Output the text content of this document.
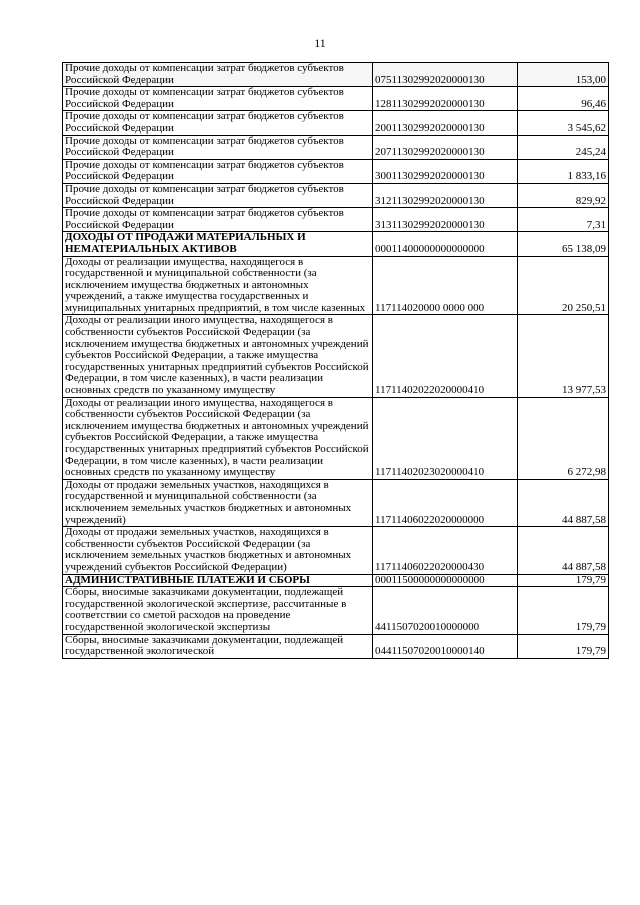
11
Прочие доходы от компенсации затрат бюджетов субъектов Российской Федерации	07511302992020000130	153,00
Прочие доходы от компенсации затрат бюджетов субъектов Российской Федерации	12811302992020000130	96,46
Прочие доходы от компенсации затрат бюджетов субъектов Российской Федерации	20011302992020000130	3 545,62
Прочие доходы от компенсации затрат бюджетов субъектов Российской Федерации	20711302992020000130	245,24
Прочие доходы от компенсации затрат бюджетов субъектов Российской Федерации	30011302992020000130	1 833,16
Прочие доходы от компенсации затрат бюджетов субъектов Российской Федерации	31211302992020000130	829,92
Прочие доходы от компенсации затрат бюджетов субъектов Российской Федерации	31311302992020000130	7,31
ДОХОДЫ ОТ ПРОДАЖИ МАТЕРИАЛЬНЫХ И НЕМАТЕРИАЛЬНЫХ АКТИВОВ	00011400000000000000	65 138,09
Доходы от реализации имущества, находящегося в государственной и муниципальной собственности (за исключением имущества бюджетных и автономных учреждений, а также имущества государственных и муниципальных унитарных предприятий, в том числе казенных	117114020000 0000 000	20 250,51
Доходы от реализации иного имущества, находящегося в собственности субъектов Российской Федерации (за исключением имущества бюджетных и автономных учреждений субъектов Российской Федерации, а также имущества государственных унитарных предприятий субъектов Российской Федерации, в том числе казенных), в части реализации основных средств по указанному имуществу	11711402022020000410	13 977,53
Доходы от реализации иного имущества, находящегося в собственности субъектов Российской Федерации (за исключением имущества бюджетных и автономных учреждений субъектов Российской Федерации, а также имущества государственных унитарных предприятий субъектов Российской Федерации, в том числе казенных), в части реализации основных средств по указанному имуществу	11711402023020000410	6 272,98
Доходы от продажи земельных участков, находящихся в государственной и муниципальной собственности (за исключением земельных участков бюджетных и автономных учреждений)	11711406022020000000	44 887,58
Доходы от продажи земельных участков, находящихся в собственности субъектов Российской Федерации (за исключением земельных участков бюджетных и автономных учреждений субъектов Российской Федерации)	11711406022020000430	44 887,58
АДМИНИСТРАТИВНЫЕ ПЛАТЕЖИ И СБОРЫ	00011500000000000000	179,79
Сборы, вносимые заказчиками документации, подлежащей государственной экологической экспертизе, рассчитанные в соответствии со сметой расходов на проведение государственной экологической экспертизы	4411507020010000000	179,79
Сборы, вносимые заказчиками документации, подлежащей государственной экологической	04411507020010000140	179,79
